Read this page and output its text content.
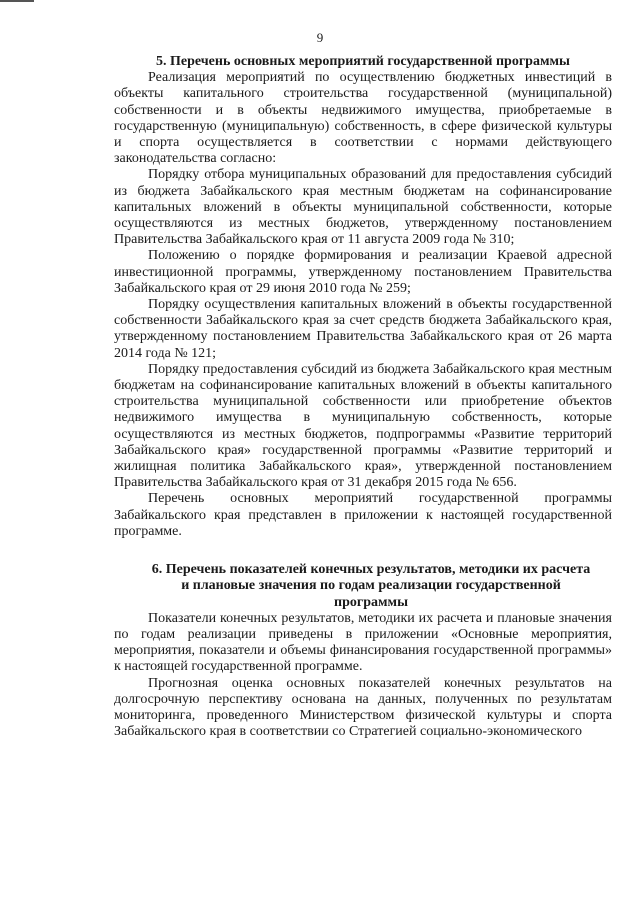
9
5. Перечень основных мероприятий государственной программы

Реализация мероприятий по осуществлению бюджетных инвестиций в объекты капитального строительства государственной (муниципальной) собственности и в объекты недвижимого имущества, приобретаемые в государственную (муниципальную) собственность, в сфере физической культуры и спорта осуществляется в соответствии с нормами действующего законодательства согласно:

Порядку отбора муниципальных образований для предоставления субсидий из бюджета Забайкальского края местным бюджетам на софинансирование капитальных вложений в объекты муниципальной собственности, которые осуществляются из местных бюджетов, утвержденному постановлением Правительства Забайкальского края от 11 августа 2009 года № 310;

Положению о порядке формирования и реализации Краевой адресной инвестиционной программы, утвержденному постановлением Правительства Забайкальского края от 29 июня 2010 года № 259;

Порядку осуществления капитальных вложений в объекты государственной собственности Забайкальского края за счет средств бюджета Забайкальского края, утвержденному постановлением Правительства Забайкальского края от 26 марта 2014 года № 121;

Порядку предоставления субсидий из бюджета Забайкальского края местным бюджетам на софинансирование капитальных вложений в объекты капитального строительства муниципальной собственности или приобретение объектов недвижимого имущества в муниципальную собственность, которые осуществляются из местных бюджетов, подпрограммы «Развитие территорий Забайкальского края» государственной программы «Развитие территорий и жилищная политика Забайкальского края», утвержденной постановлением Правительства Забайкальского края от 31 декабря 2015 года № 656.

Перечень основных мероприятий государственной программы Забайкальского края представлен в приложении к настоящей государственной программе.

6. Перечень показателей конечных результатов, методики их расчета
и плановые значения по годам реализации государственной
программы

Показатели конечных результатов, методики их расчета и плановые значения по годам реализации приведены в приложении «Основные мероприятия, мероприятия, показатели и объемы финансирования государственной программы» к настоящей государственной программе.

Прогнозная оценка основных показателей конечных результатов на долгосрочную перспективу основана на данных, полученных по результатам мониторинга, проведенного Министерством физической культуры и спорта Забайкальского края в соответствии со Стратегией социально-экономического
